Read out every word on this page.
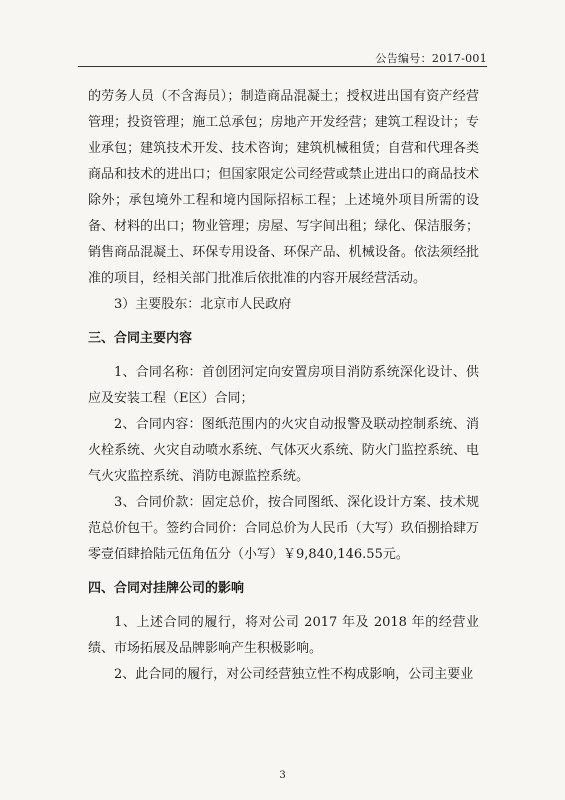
公告编号：2017-001

的劳务人员（不含海员）；制造商品混凝土；授权进出国有资产经营管理；投资管理；施工总承包；房地产开发经营；建筑工程设计；专业承包；建筑技术开发、技术咨询；建筑机械租赁；自营和代理各类商品和技术的进出口；但国家限定公司经营或禁止进出口的商品技术除外；承包境外工程和境内国际招标工程；上述境外项目所需的设备、材料的出口；物业管理；房屋、写字间出租；绿化、保洁服务；销售商品混凝土、环保专用设备、环保产品、机械设备。依法须经批准的项目，经相关部门批准后依批准的内容开展经营活动。

3）主要股东：北京市人民政府

三、合同主要内容

1、合同名称：首创团河定向安置房项目消防系统深化设计、供应及安装工程（E区）合同；

2、合同内容：图纸范围内的火灾自动报警及联动控制系统、消火栓系统、火灾自动喷水系统、气体灭火系统、防火门监控系统、电气火灾监控系统、消防电源监控系统。

3、合同价款：固定总价，按合同图纸、深化设计方案、技术规范总价包干。签约合同价：合同总价为人民币（大写）玖佰捌拾肆万零壹佰肆拾陆元伍角伍分（小写）￥9,840,146.55元。

四、合同对挂牌公司的影响

1、上述合同的履行，将对公司 2017 年及 2018 年的经营业绩、市场拓展及品牌影响产生积极影响。

2、此合同的履行，对公司经营独立性不构成影响，公司主要业

3
